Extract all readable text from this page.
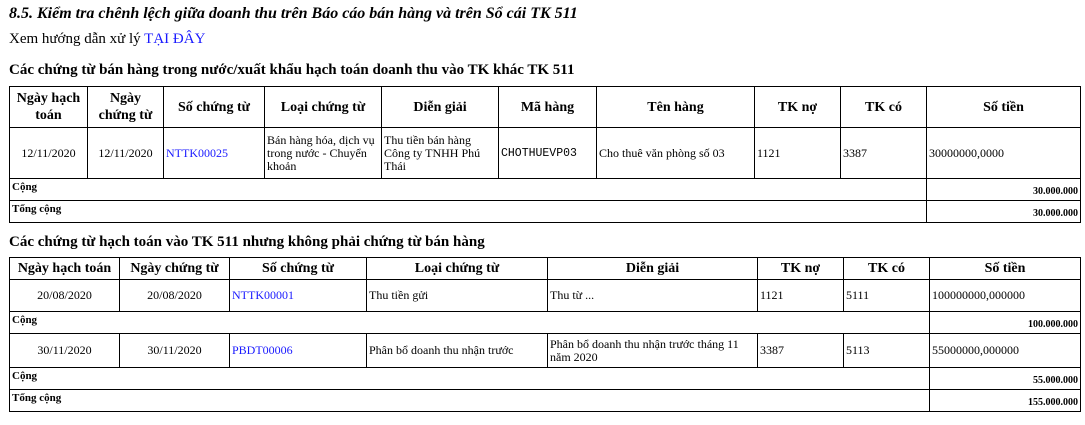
8.5. Kiểm tra chênh lệch giữa doanh thu trên Báo cáo bán hàng và trên Sổ cái TK 511
Xem hướng dẫn xử lý TẠI ĐÂY
Các chứng từ bán hàng trong nước/xuất khẩu hạch toán doanh thu vào TK khác TK 511
Ngày hạch toán	Ngày chứng từ	Số chứng từ	Loại chứng từ	Diễn giải	Mã hàng	Tên hàng	TK nợ	TK có	Số tiền
12/11/2020	12/11/2020	NTTK00025	Bán hàng hóa, dịch vụ trong nước - Chuyển khoản	Thu tiền bán hàng Công ty TNHH Phú Thái	CHOTHUEVP03	Cho thuê văn phòng số 03	1121	3387	30000000,0000
Cộng									30.000.000
Tổng cộng									30.000.000
Các chứng từ hạch toán vào TK 511 nhưng không phải chứng từ bán hàng
Ngày hạch toán	Ngày chứng từ	Số chứng từ	Loại chứng từ	Diễn giải	TK nợ	TK có	Số tiền
20/08/2020	20/08/2020	NTTK00001	Thu tiền gửi	Thu từ ...	1121	5111	100000000,000000
Cộng							100.000.000
30/11/2020	30/11/2020	PBDT00006	Phân bổ doanh thu nhận trước	Phân bổ doanh thu nhận trước tháng 11 năm 2020	3387	5113	55000000,000000
Cộng							55.000.000
Tổng cộng							155.000.000
